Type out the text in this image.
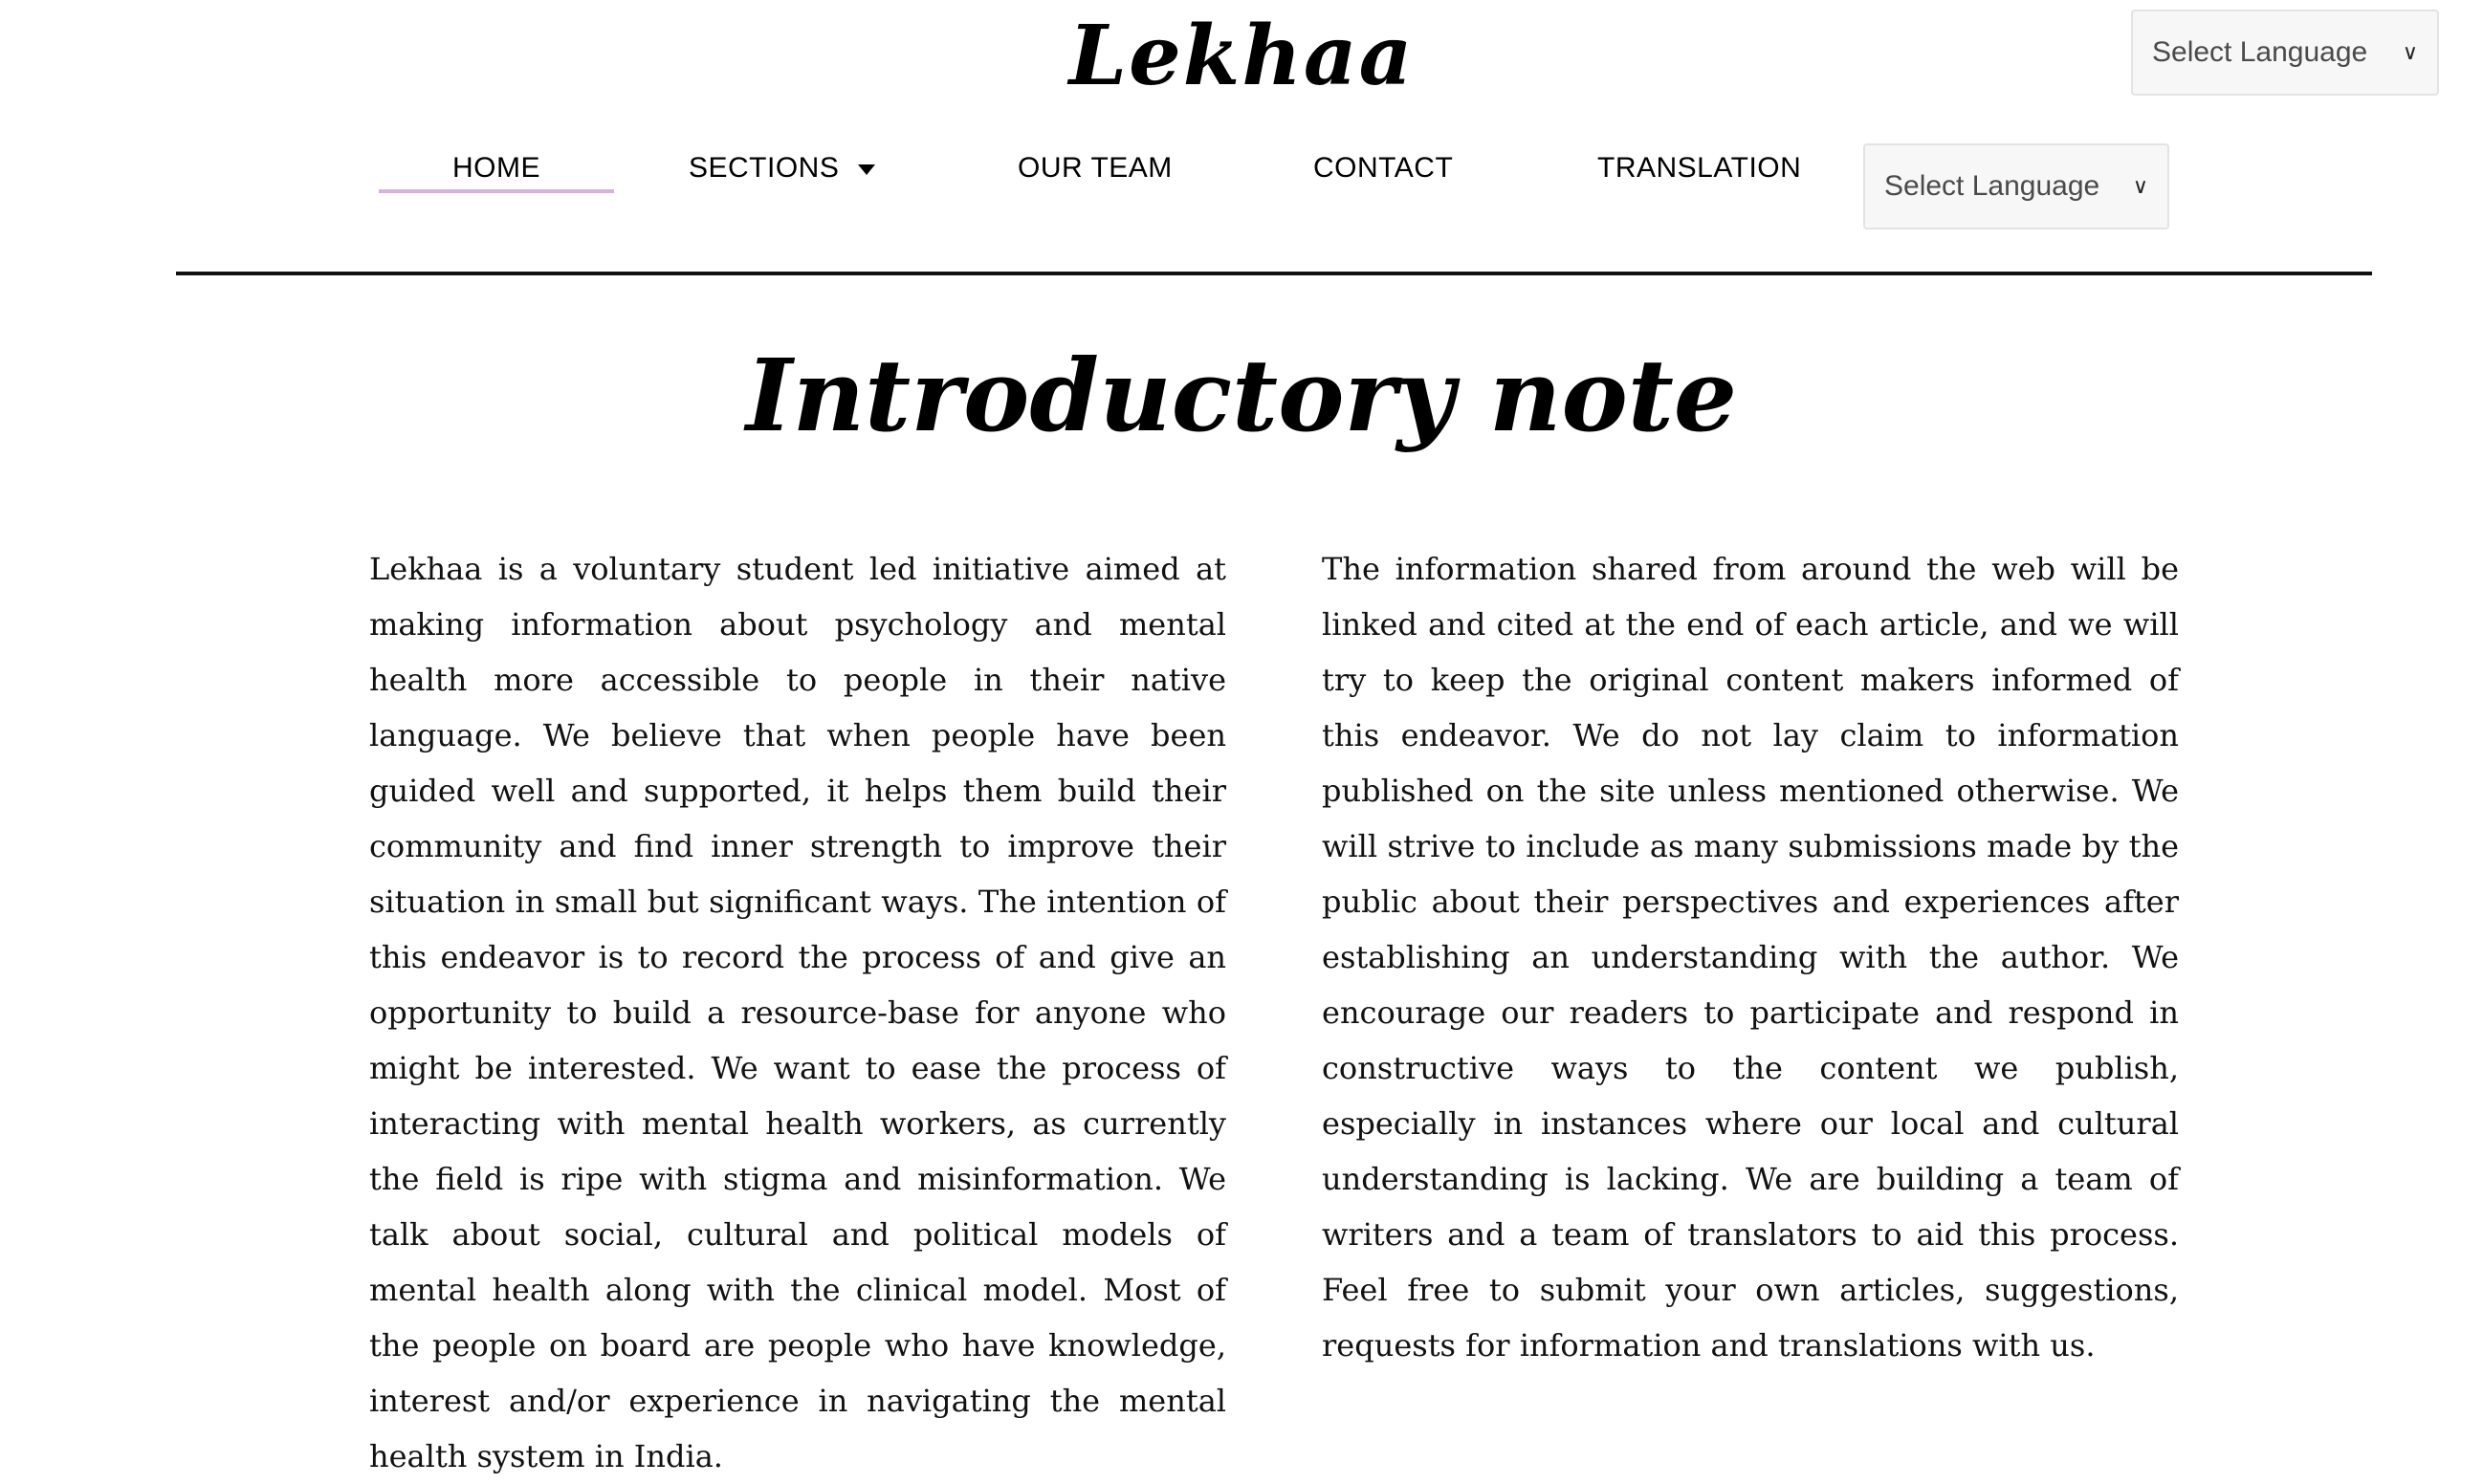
Lekhaa	Select Language ∨
HOME	SECTIONS	OUR TEAM	CONTACT	TRANSLATION
Select Language ∨
Introductory note

Lekhaa is a voluntary student led initiative aimed at making information about psychology and mental health more accessible to people in their native language. We believe that when people have been guided well and supported, it helps them build their community and find inner strength to improve their situation in small but significant ways. The intention of this endeavor is to record the process of and give an opportunity to build a resource-base for anyone who might be interested. We want to ease the process of interacting with mental health workers, as currently the field is ripe with stigma and misinformation. We talk about social, cultural and political models of mental health along with the clinical model. Most of the people on board are people who have knowledge, interest and/or experience in navigating the mental health system in India.

The information shared from around the web will be linked and cited at the end of each article, and we will try to keep the original content makers informed of this endeavor. We do not lay claim to information published on the site unless mentioned otherwise. We will strive to include as many submissions made by the public about their perspectives and experiences after establishing an understanding with the author. We encourage our readers to participate and respond in constructive ways to the content we publish, especially in instances where our local and cultural understanding is lacking. We are building a team of writers and a team of translators to aid this process. Feel free to submit your own articles, suggestions, requests for information and translations with us.
